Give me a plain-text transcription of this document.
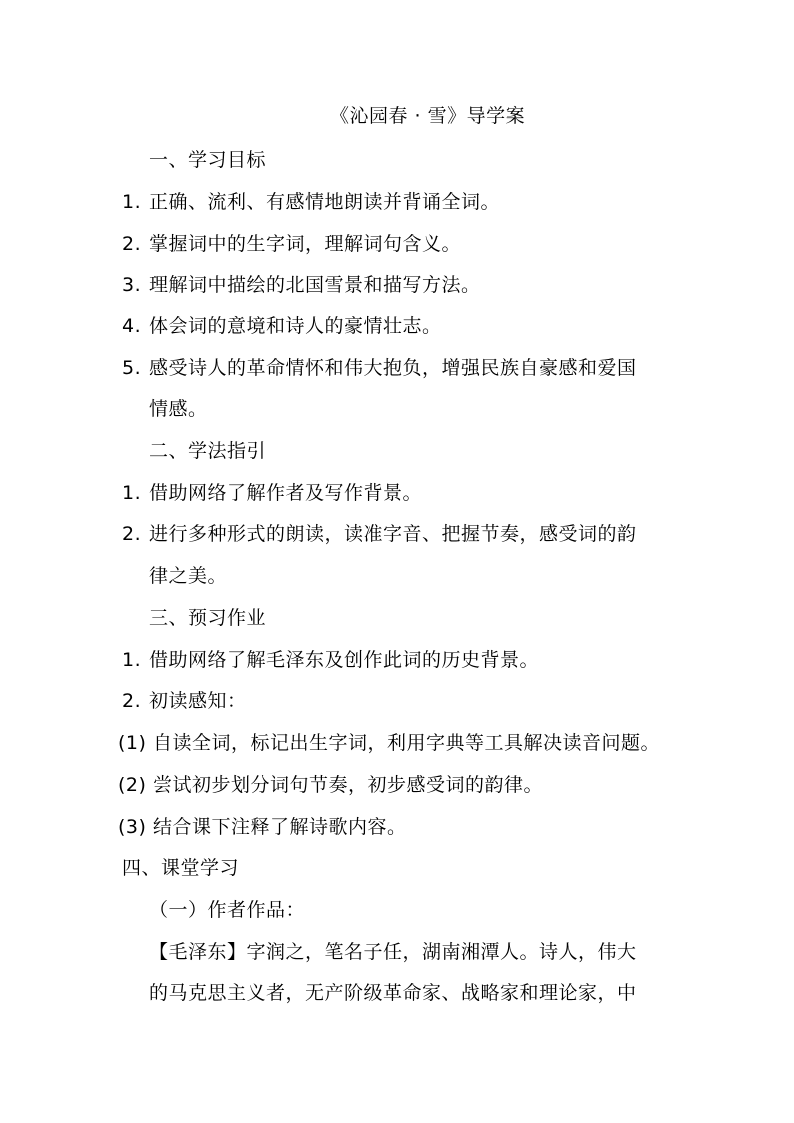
《沁园春 · 雪》导学案
一、学习目标
1. 正确、流利、有感情地朗读并背诵全词。
2. 掌握词中的生字词，理解词句含义。
3. 理解词中描绘的北国雪景和描写方法。
4. 体会词的意境和诗人的豪情壮志。
5. 感受诗人的革命情怀和伟大抱负，增强民族自豪感和爱国
情感。
二、学法指引
1. 借助网络了解作者及写作背景。
2. 进行多种形式的朗读，读准字音、把握节奏，感受词的韵
律之美。
三、预习作业
1. 借助网络了解毛泽东及创作此词的历史背景。
2. 初读感知：
(1) 自读全词，标记出生字词，利用字典等工具解决读音问题。
(2) 尝试初步划分词句节奏，初步感受词的韵律。
(3) 结合课下注释了解诗歌内容。
四、课堂学习
（一）作者作品：
【毛泽东】字润之，笔名子任，湖南湘潭人。诗人，伟大
的马克思主义者，无产阶级革命家、战略家和理论家，中
